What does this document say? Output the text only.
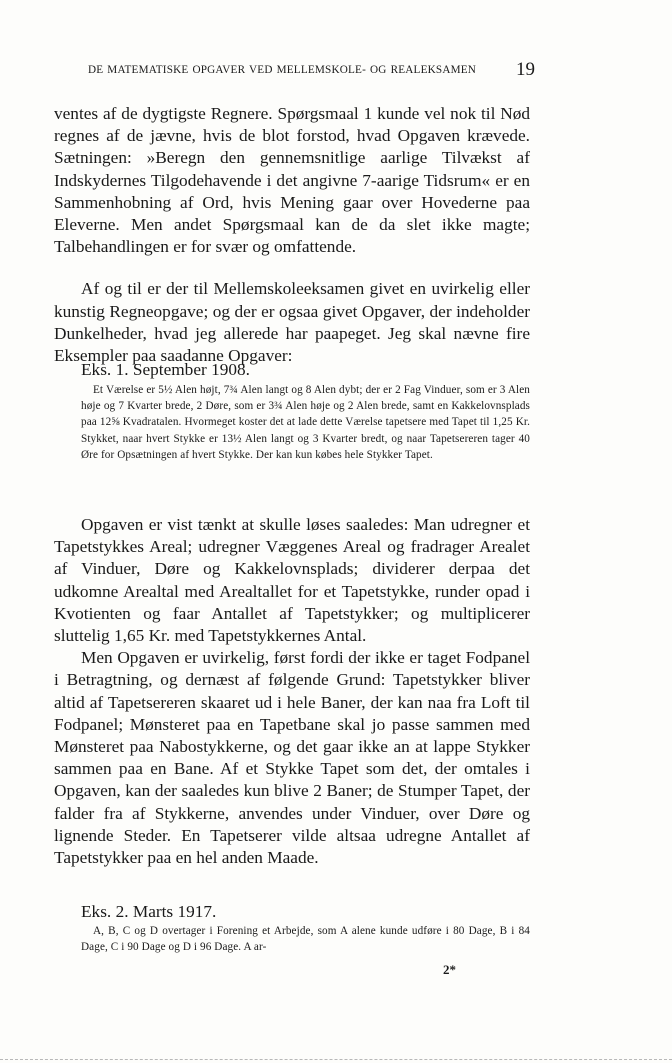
DE MATEMATISKE OPGAVER VED MELLEMSKOLE- OG REALEKSAMEN 19

ventes af de dygtigste Regnere. Spørgsmaal 1 kunde vel nok til Nød regnes af de jævne, hvis de blot forstod, hvad Opgaven krævede. Sætningen: »Beregn den gennemsnitlige aarlige Tilvækst af Indskydernes Tilgodehavende i det angivne 7-aarige Tidsrum« er en Sammenhobning af Ord, hvis Mening gaar over Hovederne paa Eleverne. Men andet Spørgsmaal kan de da slet ikke magte; Talbehandlingen er for svær og omfattende.

Af og til er der til Mellemskoleeksamen givet en uvirkelig eller kunstig Regneopgave; og der er ogsaa givet Opgaver, der indeholder Dunkelheder, hvad jeg allerede har paapeget. Jeg skal nævne fire Eksempler paa saadanne Opgaver:

Eks. 1. September 1908.

Et Værelse er 5½ Alen højt, 7¾ Alen langt og 8 Alen dybt; der er 2 Fag Vinduer, som er 3 Alen høje og 7 Kvarter brede, 2 Døre, som er 3¾ Alen høje og 2 Alen brede, samt en Kakkelovnsplads paa 12⅝ Kvadratalen. Hvormeget koster det at lade dette Værelse tapetsere med Tapet til 1,25 Kr. Stykket, naar hvert Stykke er 13½ Alen langt og 3 Kvarter bredt, og naar Tapetsereren tager 40 Øre for Opsætningen af hvert Stykke. Der kan kun købes hele Stykker Tapet.

Opgaven er vist tænkt at skulle løses saaledes: Man udregner et Tapetstykkes Areal; udregner Væggenes Areal og fradrager Arealet af Vinduer, Døre og Kakkelovnsplads; dividerer derpaa det udkomne Arealtal med Arealtallet for et Tapetstykke, runder opad i Kvotienten og faar Antallet af Tapetstykker; og multiplicerer sluttelig 1,65 Kr. med Tapetstykkernes Antal.

Men Opgaven er uvirkelig, først fordi der ikke er taget Fodpanel i Betragtning, og dernæst af følgende Grund: Tapetstykker bliver altid af Tapetsereren skaaret ud i hele Baner, der kan naa fra Loft til Fodpanel; Mønsteret paa en Tapetbane skal jo passe sammen med Mønsteret paa Nabostykkerne, og det gaar ikke an at lappe Stykker sammen paa en Bane. Af et Stykke Tapet som det, der omtales i Opgaven, kan der saaledes kun blive 2 Baner; de Stumper Tapet, der falder fra af Stykkerne, anvendes under Vinduer, over Døre og lignende Steder. En Tapetserer vilde altsaa udregne Antallet af Tapetstykker paa en hel anden Maade.

Eks. 2. Marts 1917.

A, B, C og D overtager i Forening et Arbejde, som A alene kunde udføre i 80 Dage, B i 84 Dage, C i 90 Dage og D i 96 Dage. A ar-

2*
